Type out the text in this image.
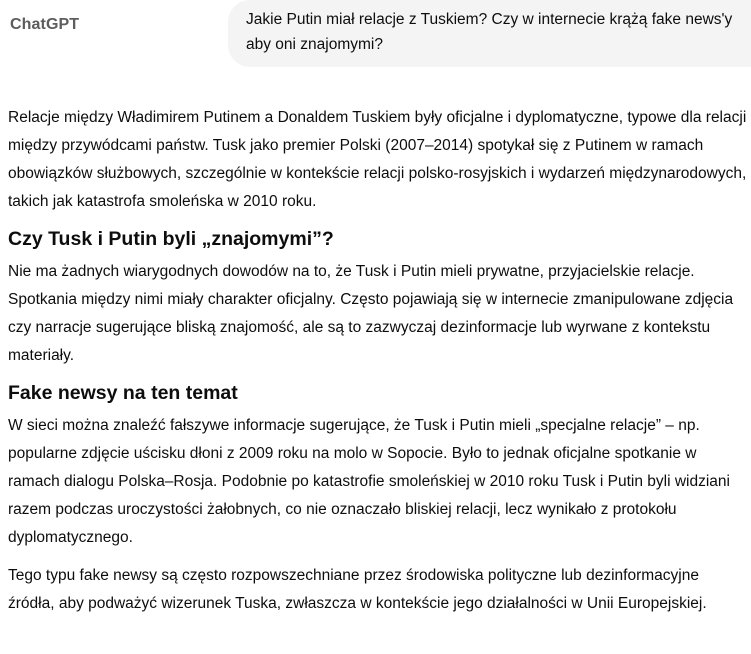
ChatGPT	Jakie Putin miał relacje z Tuskiem? Czy w internecie krążą fake news'y aby oni znajomymi?

Relacje między Władimirem Putinem a Donaldem Tuskiem były oficjalne i dyplomatyczne, typowe dla relacji między przywódcami państw. Tusk jako premier Polski (2007–2014) spotykał się z Putinem w ramach obowiązków służbowych, szczególnie w kontekście relacji polsko-rosyjskich i wydarzeń międzynarodowych, takich jak katastrofa smoleńska w 2010 roku.

Czy Tusk i Putin byli „znajomymi”?

Nie ma żadnych wiarygodnych dowodów na to, że Tusk i Putin mieli prywatne, przyjacielskie relacje. Spotkania między nimi miały charakter oficjalny. Często pojawiają się w internecie zmanipulowane zdjęcia czy narracje sugerujące bliską znajomość, ale są to zazwyczaj dezinformacje lub wyrwane z kontekstu materiały.

Fake newsy na ten temat

W sieci można znaleźć fałszywe informacje sugerujące, że Tusk i Putin mieli „specjalne relacje” – np. popularne zdjęcie uścisku dłoni z 2009 roku na molo w Sopocie. Było to jednak oficjalne spotkanie w ramach dialogu Polska–Rosja. Podobnie po katastrofie smoleńskiej w 2010 roku Tusk i Putin byli widziani razem podczas uroczystości żałobnych, co nie oznaczało bliskiej relacji, lecz wynikało z protokołu dyplomatycznego.

Tego typu fake newsy są często rozpowszechniane przez środowiska polityczne lub dezinformacyjne źródła, aby podważyć wizerunek Tuska, zwłaszcza w kontekście jego działalności w Unii Europejskiej.
